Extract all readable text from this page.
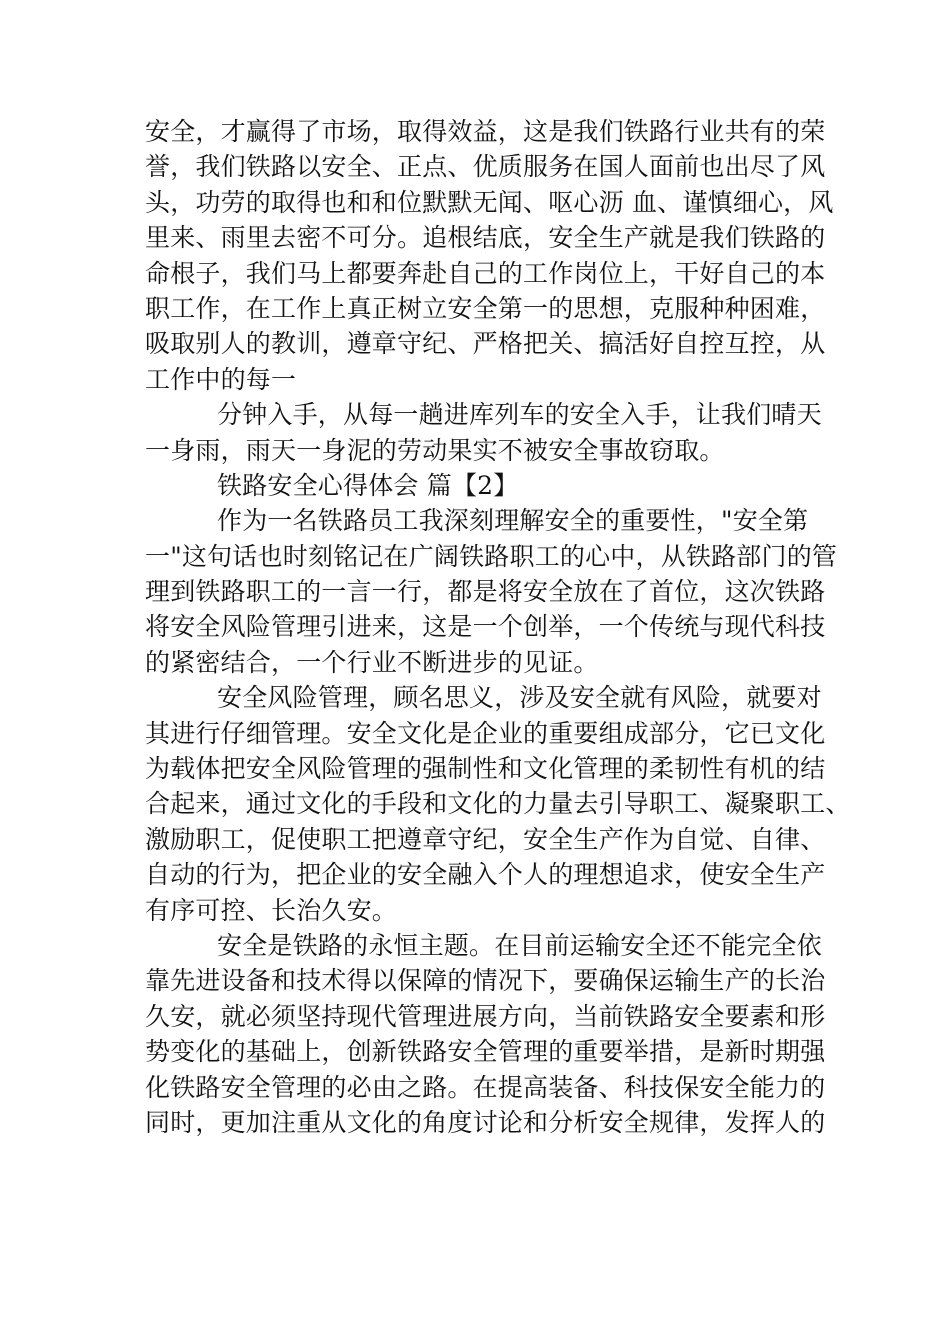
安全，才赢得了市场，取得效益，这是我们铁路行业共有的荣
誉，我们铁路以安全、正点、优质服务在国人面前也出尽了风
头，功劳的取得也和和位默默无闻、呕心沥 血、谨慎细心，风
里来、雨里去密不可分。追根结底，安全生产就是我们铁路的
命根子，我们马上都要奔赴自己的工作岗位上，干好自己的本
职工作，在工作上真正树立安全第一的思想，克服种种困难，
吸取别人的教训，遵章守纪、严格把关、搞活好自控互控，从
工作中的每一
分钟入手，从每一趟进库列车的安全入手，让我们晴天
一身雨，雨天一身泥的劳动果实不被安全事故窃取。
铁路安全心得体会 篇【2】
作为一名铁路员工我深刻理解安全的重要性，"安全第
一"这句话也时刻铭记在广阔铁路职工的心中，从铁路部门的管
理到铁路职工的一言一行，都是将安全放在了首位，这次铁路
将安全风险管理引进来，这是一个创举，一个传统与现代科技
的紧密结合，一个行业不断进步的见证。
安全风险管理，顾名思义，涉及安全就有风险，就要对
其进行仔细管理。安全文化是企业的重要组成部分，它已文化
为载体把安全风险管理的强制性和文化管理的柔韧性有机的结
合起来，通过文化的手段和文化的力量去引导职工、凝聚职工、
激励职工，促使职工把遵章守纪，安全生产作为自觉、自律、
自动的行为，把企业的安全融入个人的理想追求，使安全生产
有序可控、长治久安。
安全是铁路的永恒主题。在目前运输安全还不能完全依
靠先进设备和技术得以保障的情况下，要确保运输生产的长治
久安，就必须坚持现代管理进展方向，当前铁路安全要素和形
势变化的基础上，创新铁路安全管理的重要举措，是新时期强
化铁路安全管理的必由之路。在提高装备、科技保安全能力的
同时，更加注重从文化的角度讨论和分析安全规律，发挥人的
